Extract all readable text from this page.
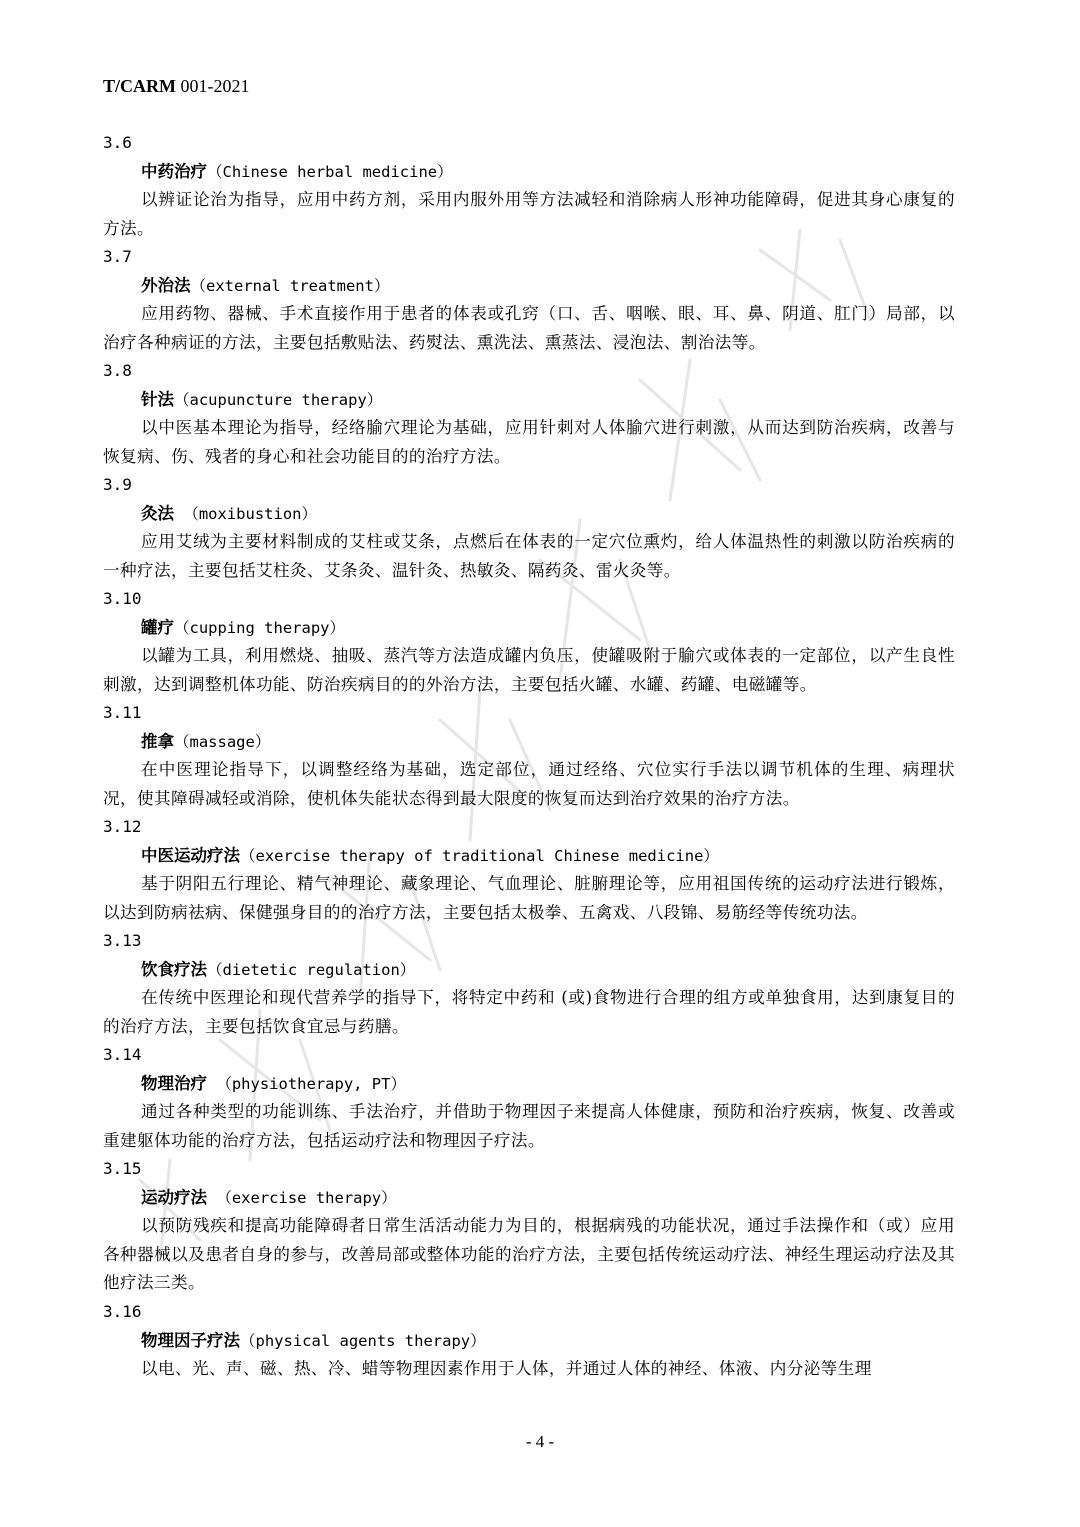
T/CARM 001-2021
3.6
中药治疗（Chinese herbal medicine）

以辨证论治为指导，应用中药方剂，采用内服外用等方法减轻和消除病人形神功能障碍，促进其身心康复的方法。

3.7
外治法（external treatment）

应用药物、器械、手术直接作用于患者的体表或孔窍（口、舌、咽喉、眼、耳、鼻、阴道、肛门）局部，以治疗各种病证的方法，主要包括敷贴法、药熨法、熏洗法、熏蒸法、浸泡法、割治法等。

3.8
针法（acupuncture therapy）

以中医基本理论为指导，经络腧穴理论为基础，应用针刺对人体腧穴进行刺激，从而达到防治疾病，改善与恢复病、伤、残者的身心和社会功能目的的治疗方法。

3.9
灸法 （moxibustion）

应用艾绒为主要材料制成的艾柱或艾条，点燃后在体表的一定穴位熏灼，给人体温热性的刺激以防治疾病的一种疗法，主要包括艾柱灸、艾条灸、温针灸、热敏灸、隔药灸、雷火灸等。

3.10
罐疗（cupping therapy）

以罐为工具，利用燃烧、抽吸、蒸汽等方法造成罐内负压，使罐吸附于腧穴或体表的一定部位，以产生良性刺激，达到调整机体功能、防治疾病目的的外治方法，主要包括火罐、水罐、药罐、电磁罐等。

3.11
推拿（massage）

在中医理论指导下，以调整经络为基础，选定部位，通过经络、穴位实行手法以调节机体的生理、病理状况，使其障碍减轻或消除，使机体失能状态得到最大限度的恢复而达到治疗效果的治疗方法。

3.12
中医运动疗法（exercise therapy of traditional Chinese medicine）

基于阴阳五行理论、精气神理论、藏象理论、气血理论、脏腑理论等，应用祖国传统的运动疗法进行锻炼，以达到防病祛病、保健强身目的的治疗方法，主要包括太极拳、五禽戏、八段锦、易筋经等传统功法。

3.13
饮食疗法（dietetic regulation）

在传统中医理论和现代营养学的指导下，将特定中药和 (或)食物进行合理的组方或单独食用，达到康复目的的治疗方法，主要包括饮食宜忌与药膳。

3.14
物理治疗 （physiotherapy, PT）

通过各种类型的功能训练、手法治疗，并借助于物理因子来提高人体健康，预防和治疗疾病，恢复、改善或重建躯体功能的治疗方法，包括运动疗法和物理因子疗法。

3.15
运动疗法 （exercise therapy）

以预防残疾和提高功能障碍者日常生活活动能力为目的，根据病残的功能状况，通过手法操作和（或）应用各种器械以及患者自身的参与，改善局部或整体功能的治疗方法，主要包括传统运动疗法、神经生理运动疗法及其他疗法三类。

3.16
物理因子疗法（physical agents therapy）

以电、光、声、磁、热、冷、蜡等物理因素作用于人体，并通过人体的神经、体液、内分泌等生理

- 4 -
